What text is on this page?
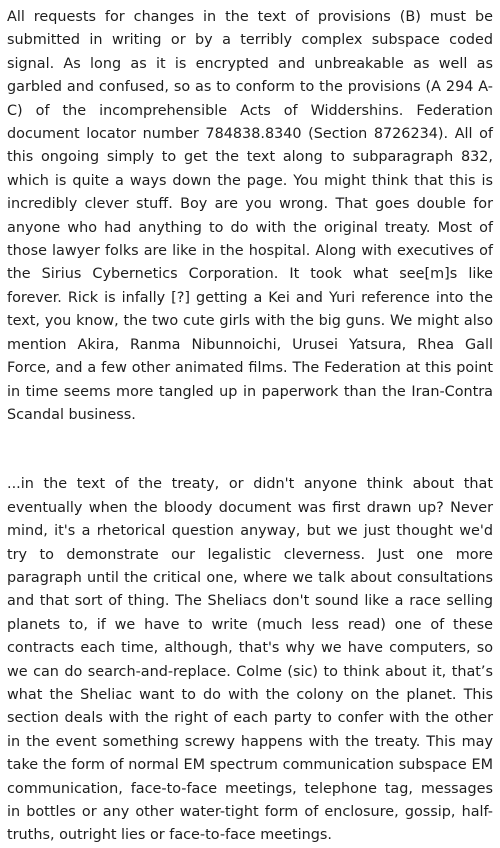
All requests for changes in the text of provisions (B) must be submitted in writing or by a terribly complex subspace coded signal. As long as it is encrypted and unbreakable as well as garbled and confused, so as to conform to the provisions (A 294 A-C) of the incomprehensible Acts of Widdershins. Federation document locator number 784838.8340 (Section 8726234). All of this ongoing simply to get the text along to subparagraph 832, which is quite a ways down the page. You might think that this is incredibly clever stuff. Boy are you wrong. That goes double for anyone who had anything to do with the original treaty. Most of those lawyer folks are like in the hospital. Along with executives of the Sirius Cybernetics Corporation. It took what see[m]s like forever. Rick is infally [?] getting a Kei and Yuri reference into the text, you know, the two cute girls with the big guns. We might also mention Akira, Ranma Nibunnoichi, Urusei Yatsura, Rhea Gall Force, and a few other animated films. The Federation at this point in time seems more tangled up in paperwork than the Iran-Contra Scandal business.

...in the text of the treaty, or didn't anyone think about that eventually when the bloody document was first drawn up? Never mind, it's a rhetorical question anyway, but we just thought we'd try to demonstrate our legalistic cleverness. Just one more paragraph until the critical one, where we talk about consultations and that sort of thing. The Sheliacs don't sound like a race selling planets to, if we have to write (much less read) one of these contracts each time, although, that's why we have computers, so we can do search-and-replace. Colme (sic) to think about it, that’s what the Sheliac want to do with the colony on the planet. This section deals with the right of each party to confer with the other in the event something screwy happens with the treaty. This may take the form of normal EM spectrum communication subspace EM communication, face-to-face meetings, telephone tag, messages in bottles or any other water-tight form of enclosure, gossip, half-truths, outright lies or face-to-face meetings.
